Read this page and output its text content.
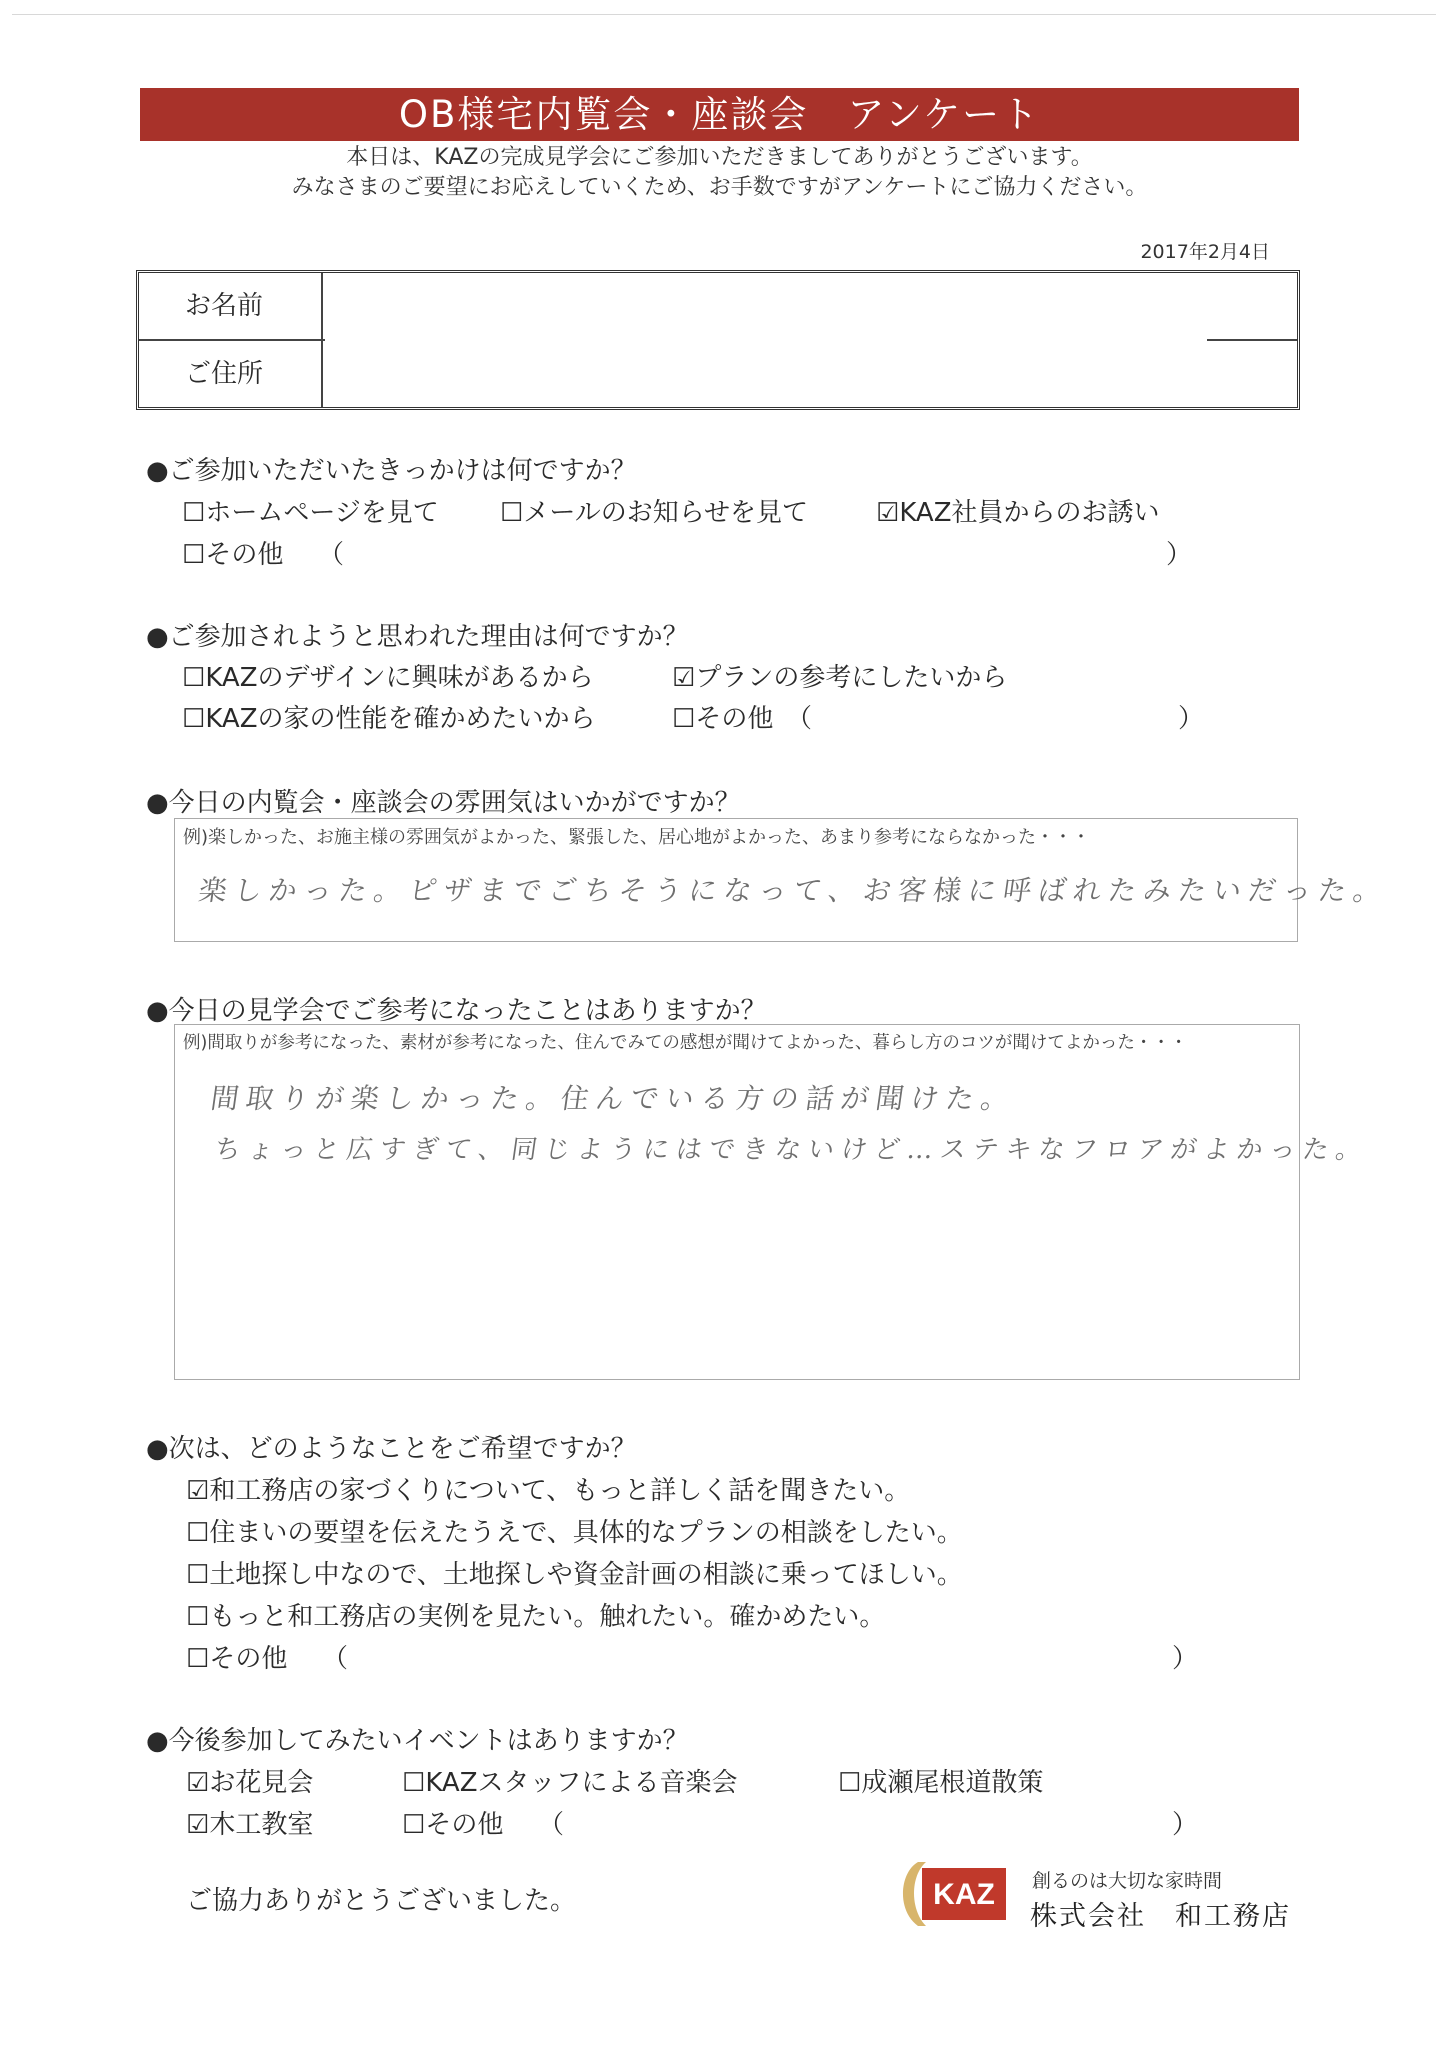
OB様宅内覧会・座談会　アンケート
本日は、KAZの完成見学会にご参加いただきましてありがとうございます。
みなさまのご要望にお応えしていくため、お手数ですがアンケートにご協力ください。
2017年2月4日
お名前
ご住所
●ご参加いただいたきっかけは何ですか？
☐ホームページを見て ☐メールのお知らせを見て	☑KAZ社員からのお誘い
☐その他 （	）
●ご参加されようと思われた理由は何ですか？
☐KAZのデザインに興味があるから	☑プランの参考にしたいから
☐KAZの家の性能を確かめたいから	☐その他 （	）
●今日の内覧会・座談会の雰囲気はいかがですか？
例)楽しかった、お施主様の雰囲気がよかった、緊張した、居心地がよかった、あまり参考にならなかった・・・
楽しかった。ピザまでごちそうになって、お客様に呼ばれたみたいだった。
●今日の見学会でご参考になったことはありますか？
例)間取りが参考になった、素材が参考になった、住んでみての感想が聞けてよかった、暮らし方のコツが聞けてよかった・・・
間取りが楽しかった。住んでいる方の話が聞けた。
ちょっと広すぎて、同じようにはできないけど…ステキなフロアがよかった。
●次は、どのようなことをご希望ですか？
☑和工務店の家づくりについて、もっと詳しく話を聞きたい。
☐住まいの要望を伝えたうえで、具体的なプランの相談をしたい。
☐土地探し中なので、土地探しや資金計画の相談に乗ってほしい。
☐もっと和工務店の実例を見たい。触れたい。確かめたい。
☐その他 （	）
●今後参加してみたいイベントはありますか？
☑お花見会	☐KAZスタッフによる音楽会	☐成瀬尾根道散策
☑木工教室	☐その他 （	）
ご協力ありがとうございました。	KAZ 創るのは大切な家時間
株式会社　和工務店
